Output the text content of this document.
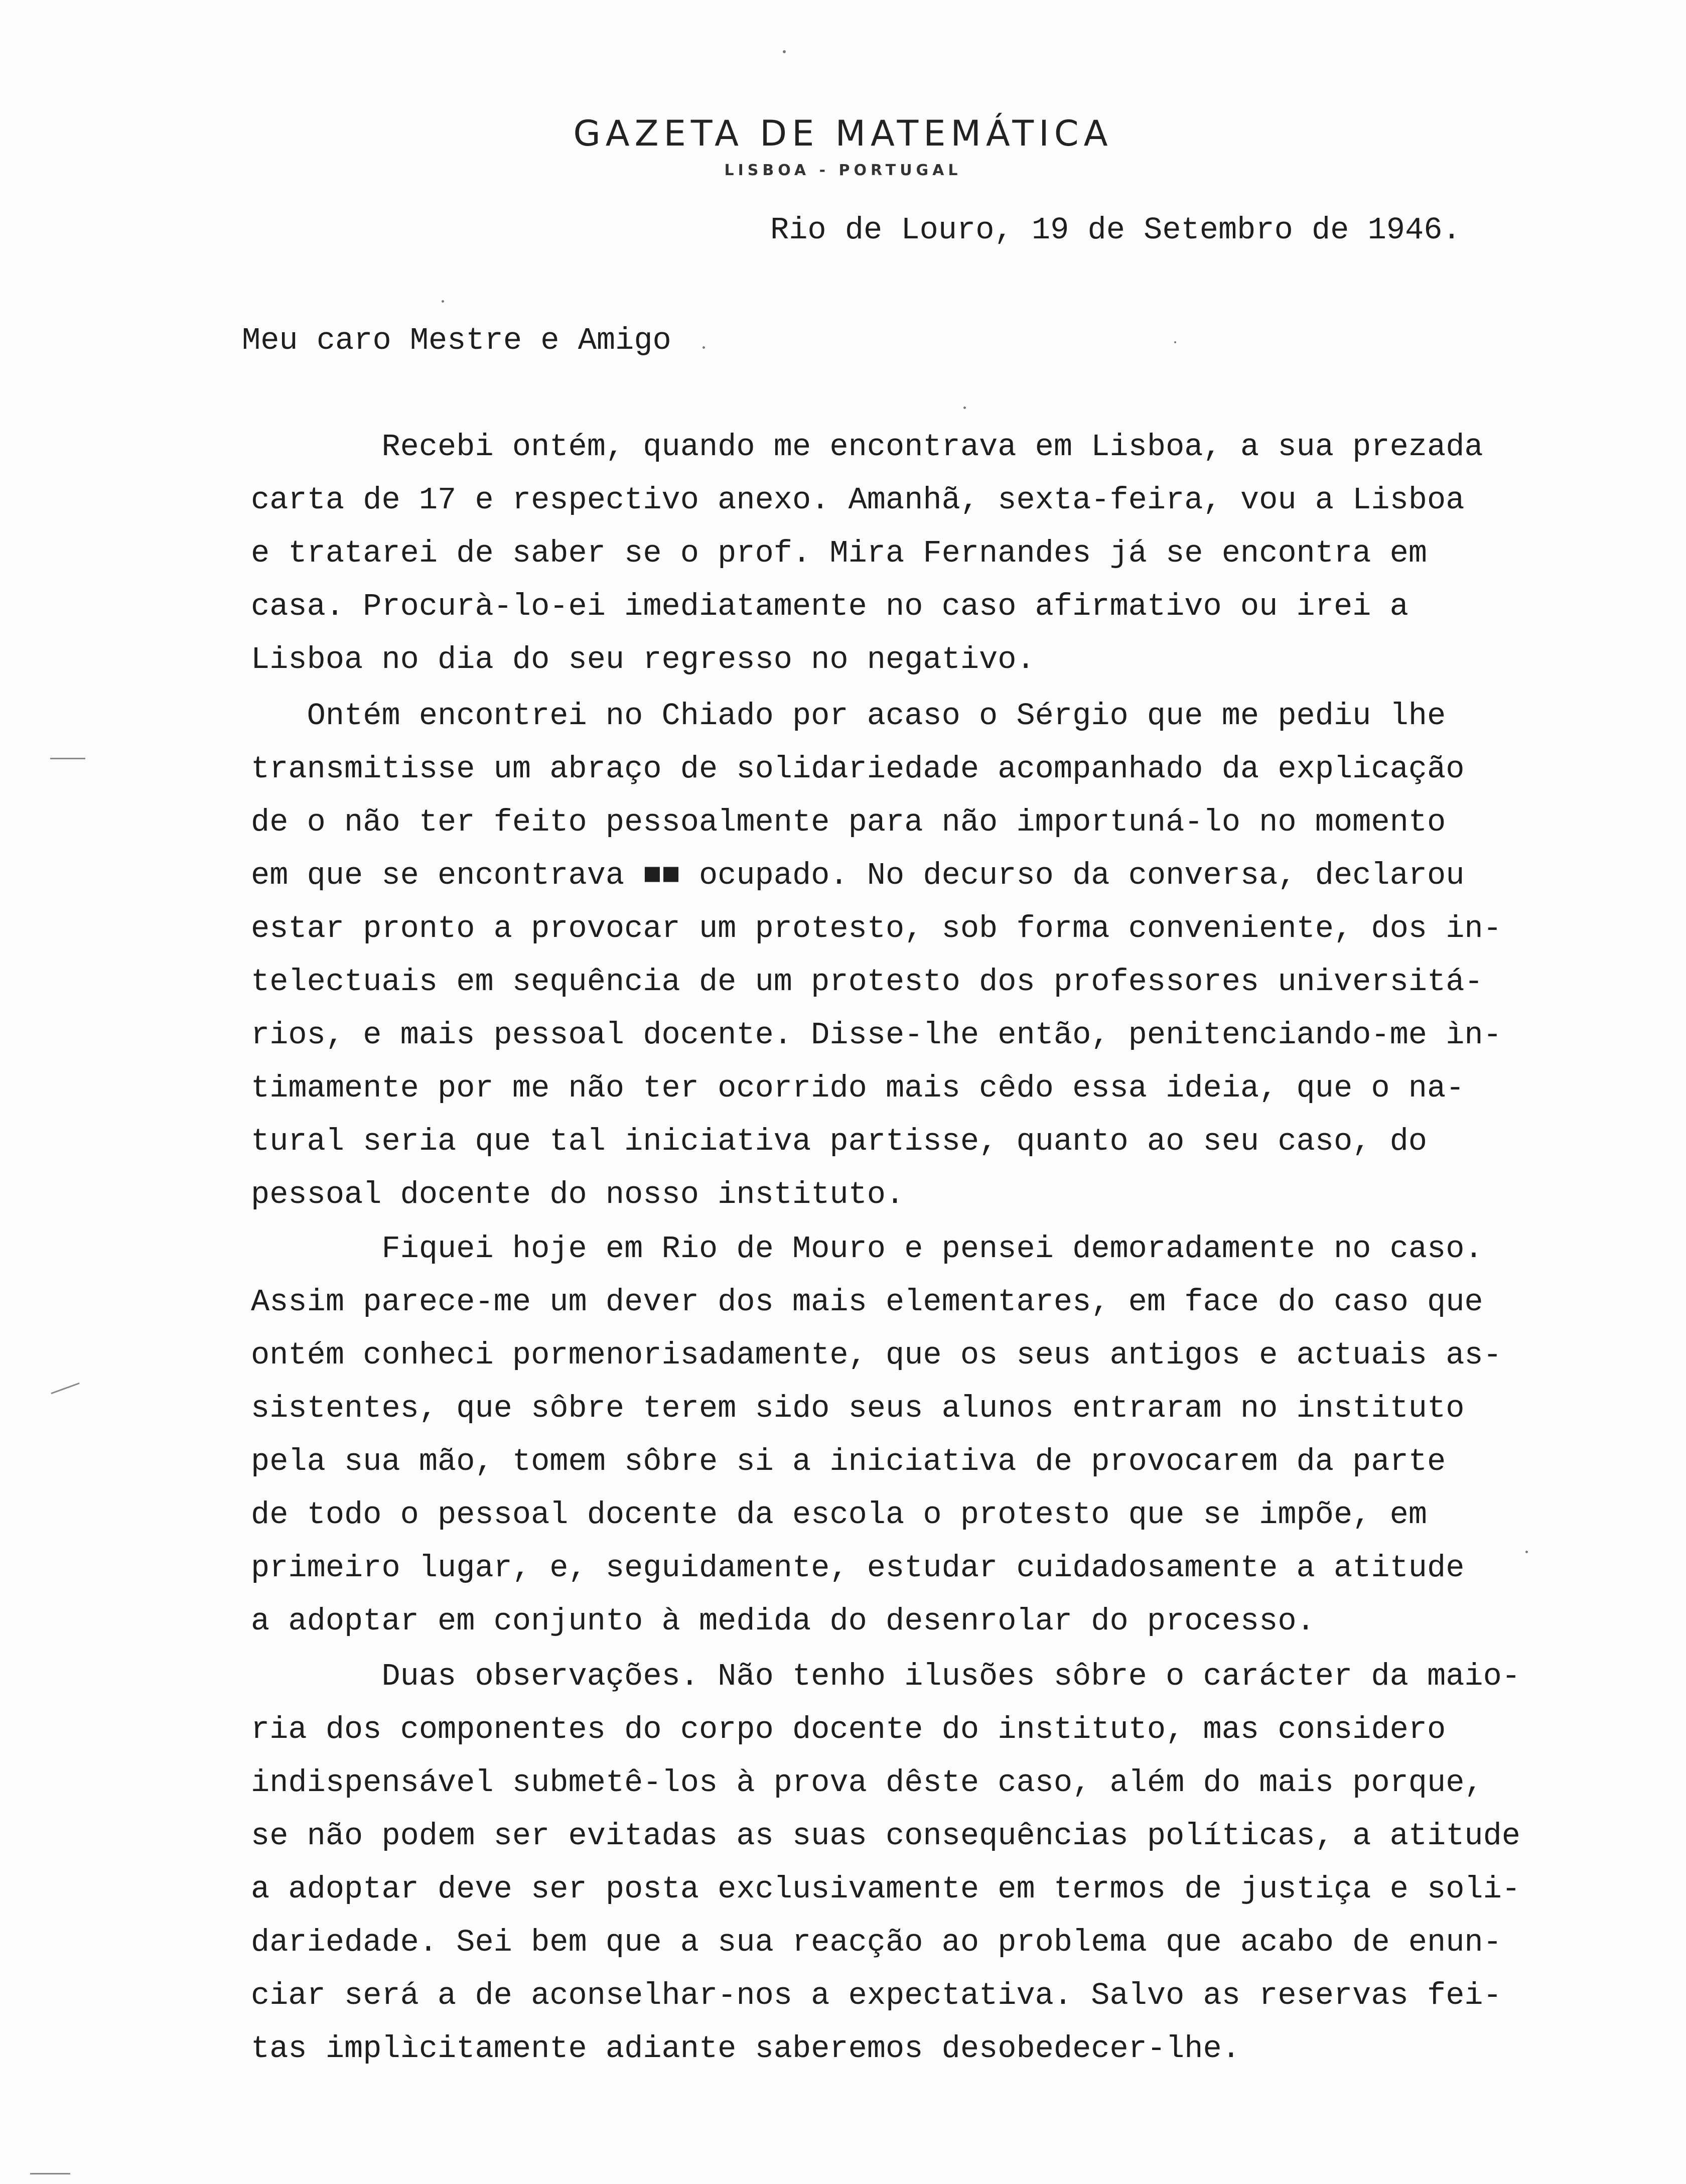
GAZETA DE MATEMÁTICA
LISBOA - PORTUGAL
Rio de Louro, 19 de Setembro de 1946.
Meu caro Mestre e Amigo
Recebi ontém, quando me encontrava em Lisboa, a sua prezada
carta de 17 e respectivo anexo. Amanhã, sexta-feira, vou a Lisboa
e tratarei de saber se o prof. Mira Fernandes já se encontra em
casa. Procurà-lo-ei imediatamente no caso afirmativo ou irei a
Lisboa no dia do seu regresso no negativo.
Ontém encontrei no Chiado por acaso o Sérgio que me pediu lhe
transmitisse um abraço de solidariedade acompanhado da explicação
de o não ter feito pessoalmente para não importuná-lo no momento
em que se encontrava ■■ ocupado. No decurso da conversa, declarou
estar pronto a provocar um protesto, sob forma conveniente, dos in-
telectuais em sequência de um protesto dos professores universitá-
rios, e mais pessoal docente. Disse-lhe então, penitenciando-me ìn-
timamente por me não ter ocorrido mais cêdo essa ideia, que o na-
tural seria que tal iniciativa partisse, quanto ao seu caso, do
pessoal docente do nosso instituto.
Fiquei hoje em Rio de Mouro e pensei demoradamente no caso.
Assim parece-me um dever dos mais elementares, em face do caso que
ontém conheci pormenorisadamente, que os seus antigos e actuais as-
sistentes, que sôbre terem sido seus alunos entraram no instituto
pela sua mão, tomem sôbre si a iniciativa de provocarem da parte
de todo o pessoal docente da escola o protesto que se impõe, em
primeiro lugar, e, seguidamente, estudar cuidadosamente a atitude
a adoptar em conjunto à medida do desenrolar do processo.
Duas observações. Não tenho ilusões sôbre o carácter da maio-
ria dos componentes do corpo docente do instituto, mas considero
indispensável submetê-los à prova dêste caso, além do mais porque,
se não podem ser evitadas as suas consequências políticas, a atitude
a adoptar deve ser posta exclusivamente em termos de justiça e soli-
dariedade. Sei bem que a sua reacção ao problema que acabo de enun-
ciar será a de aconselhar-nos a expectativa. Salvo as reservas fei-
tas implìcitamente adiante saberemos desobedecer-lhe.
